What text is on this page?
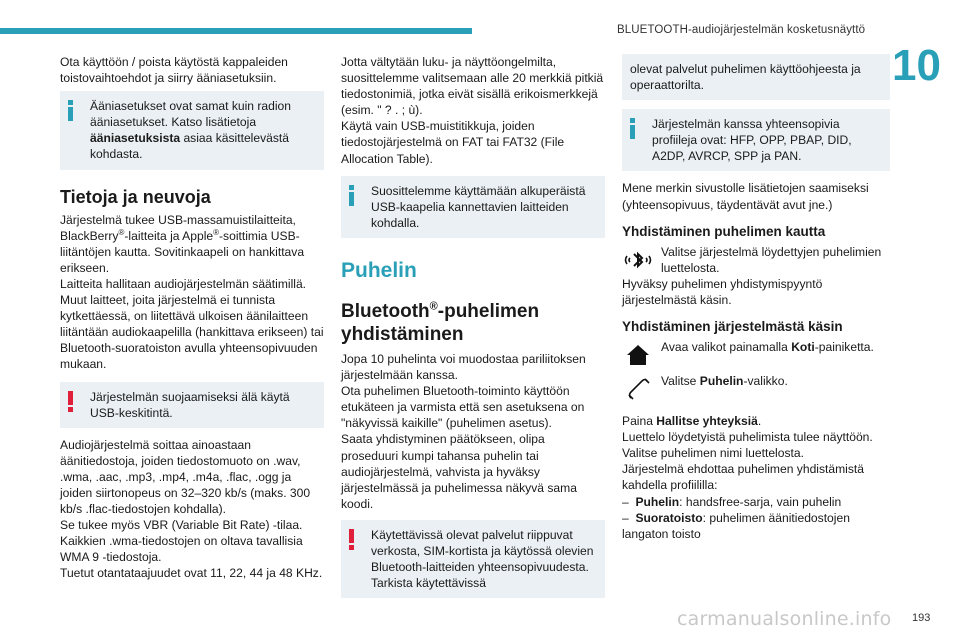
BLUETOOTH-audiojärjestelmän kosketusnäyttö
10

Ota käyttöön / poista käytöstä kappaleiden toistovaihtoehdot ja siirry ääniasetuksiin.

Ääniasetukset ovat samat kuin radion ääniasetukset. Katso lisätietoja ääniasetuksista asiaa käsittelevästä kohdasta.
Tietoja ja neuvoja

Järjestelmä tukee USB-massamuistilaitteita, BlackBerry®-laitteita ja Apple®-soittimia USB-liitäntöjen kautta. Sovitinkaapeli on hankittava erikseen.

Laitteita hallitaan audiojärjestelmän säätimillä.

Muut laitteet, joita järjestelmä ei tunnista kytkettäessä, on liitettävä ulkoisen äänilaitteen liitäntään audiokaapelilla (hankittava erikseen) tai Bluetooth-suoratoiston avulla yhteensopivuuden mukaan.

Järjestelmän suojaamiseksi älä käytä USB-keskitintä.

Audiojärjestelmä soittaa ainoastaan äänitiedostoja, joiden tiedostomuoto on .wav, .wma, .aac, .mp3, .mp4, .m4a, .flac, .ogg ja joiden siirtonopeus on 32–320 kb/s (maks. 300 kb/s .flac-tiedostojen kohdalla).

Se tukee myös VBR (Variable Bit Rate) -tilaa.

Kaikkien .wma-tiedostojen on oltava tavallisia WMA 9 -tiedostoja.

Tuetut otantataajuudet ovat 11, 22, 44 ja 48 KHz.

Jotta vältytään luku- ja näyttöongelmilta, suosittelemme valitsemaan alle 20 merkkiä pitkiä tiedostonimiä, jotka eivät sisällä erikoismerkkejä (esim. " ? . ; ù).

Käytä vain USB-muistitikkuja, joiden tiedostojärjestelmä on FAT tai FAT32 (File Allocation Table).

Suosittelemme käyttämään alkuperäistä USB-kaapelia kannettavien laitteiden kohdalla.
Puhelin
Bluetooth®-puhelimen yhdistäminen

Jopa 10 puhelinta voi muodostaa pariliitoksen järjestelmään kanssa.

Ota puhelimen Bluetooth-toiminto käyttöön etukäteen ja varmista että sen asetuksena on "näkyvissä kaikille" (puhelimen asetus).

Saata yhdistyminen päätökseen, olipa proseduuri kumpi tahansa puhelin tai audiojärjestelmä, vahvista ja hyväksy järjestelmässä ja puhelimessa näkyvä sama koodi.

Käytettävissä olevat palvelut riippuvat verkosta, SIM-kortista ja käytössä olevien Bluetooth-laitteiden yhteensopivuudesta. Tarkista käytettävissä
olevat palvelut puhelimen käyttöohjeesta ja operaattorilta.
Järjestelmän kanssa yhteensopivia profiileja ovat: HFP, OPP, PBAP, DID, A2DP, AVRCP, SPP ja PAN.

Mene merkin sivustolle lisätietojen saamiseksi (yhteensopivuus, täydentävät avut jne.)

Yhdistäminen puhelimen kautta
Valitse järjestelmä löydettyjen puhelimien luettelosta.

Hyväksy puhelimen yhdistymispyyntö järjestelmästä käsin.

Yhdistäminen järjestelmästä käsin
Avaa valikot painamalla Koti-painiketta.
Valitse Puhelin-valikko.

Paina Hallitse yhteyksiä.

Luettelo löydetyistä puhelimista tulee näyttöön.

Valitse puhelimen nimi luettelosta.

Järjestelmä ehdottaa puhelimen yhdistämistä kahdella profiililla:

– Puhelin: handsfree-sarja, vain puhelin

– Suoratoisto: puhelimen äänitiedostojen langaton toisto

carmanualsonline.info 193
